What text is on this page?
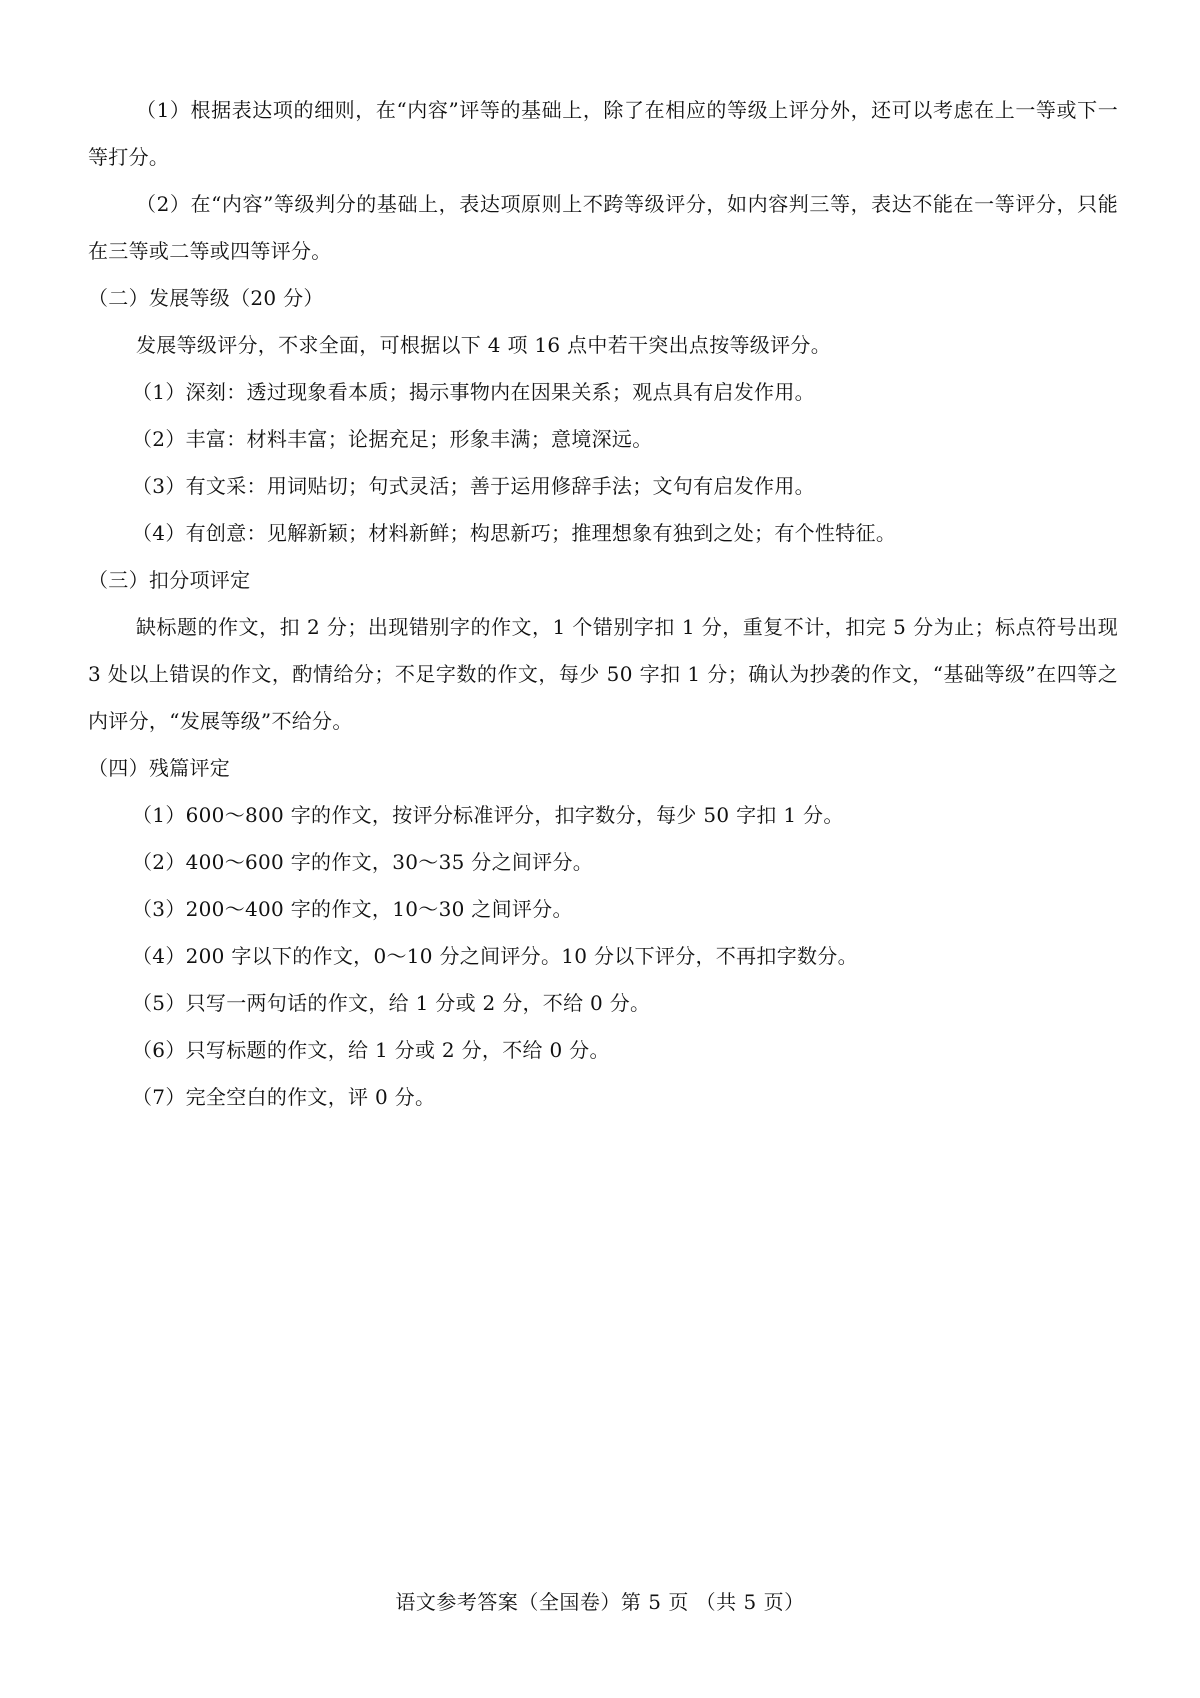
（1）根据表达项的细则，在“内容”评等的基础上，除了在相应的等级上评分外，还可以考虑在上一等或下一等打分。

（2）在“内容”等级判分的基础上，表达项原则上不跨等级评分，如内容判三等，表达不能在一等评分，只能在三等或二等或四等评分。

（二）发展等级（20 分）

发展等级评分，不求全面，可根据以下 4 项 16 点中若干突出点按等级评分。

（1）深刻：透过现象看本质；揭示事物内在因果关系；观点具有启发作用。

（2）丰富：材料丰富；论据充足；形象丰满；意境深远。

（3）有文采：用词贴切；句式灵活；善于运用修辞手法；文句有启发作用。

（4）有创意：见解新颖；材料新鲜；构思新巧；推理想象有独到之处；有个性特征。

（三）扣分项评定

缺标题的作文，扣 2 分；出现错别字的作文，1 个错别字扣 1 分，重复不计，扣完 5 分为止；标点符号出现 3 处以上错误的作文，酌情给分；不足字数的作文，每少 50 字扣 1 分；确认为抄袭的作文，“基础等级”在四等之内评分，“发展等级”不给分。

（四）残篇评定

（1）600～800 字的作文，按评分标准评分，扣字数分，每少 50 字扣 1 分。

（2）400～600 字的作文，30～35 分之间评分。

（3）200～400 字的作文，10～30 之间评分。

（4）200 字以下的作文，0～10 分之间评分。10 分以下评分，不再扣字数分。

（5）只写一两句话的作文，给 1 分或 2 分，不给 0 分。

（6）只写标题的作文，给 1 分或 2 分，不给 0 分。

（7）完全空白的作文，评 0 分。

语文参考答案（全国卷）第 5 页 （共 5 页）
